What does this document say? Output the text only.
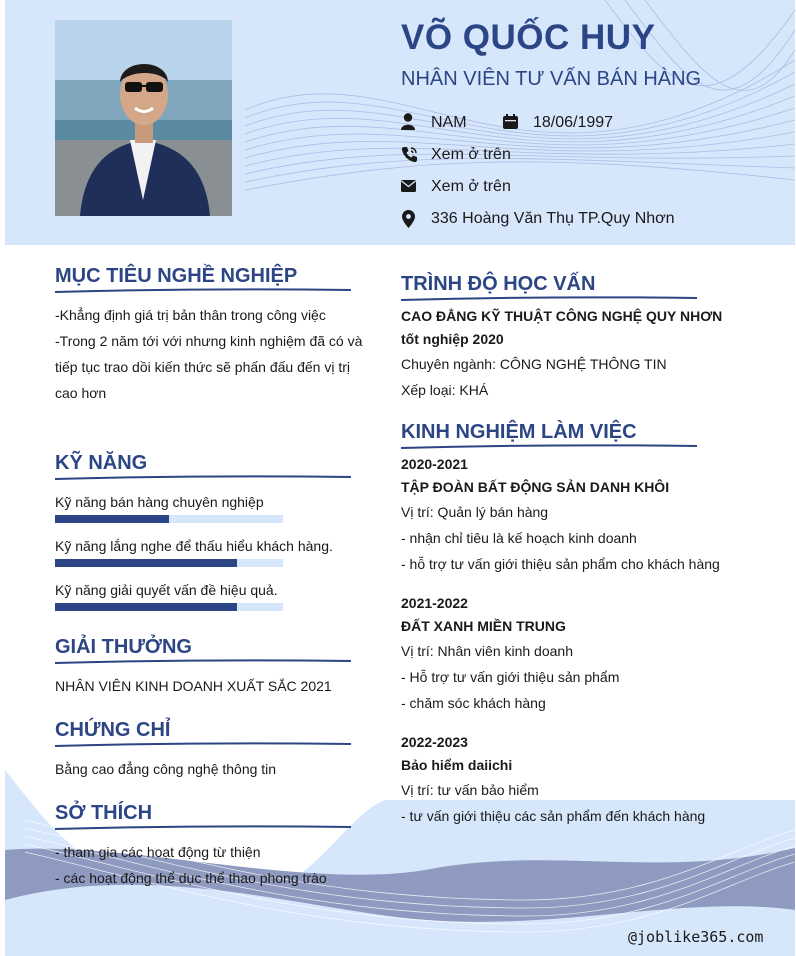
VÕ QUỐC HUY
NHÂN VIÊN TƯ VẤN BÁN HÀNG
NAM	18/06/1997
Xem ở trên
Xem ở trên
336 Hoàng Văn Thụ TP.Quy Nhơn
MỤC TIÊU NGHỀ NGHIỆP
-Khẳng định giá trị bản thân trong công việc
-Trong 2 năm tới với nhưng kinh nghiệm đã có và
tiếp tục trao dồi kiến thức sẽ phấn đấu đến vị trị
cao hơn
KỸ NĂNG
Kỹ năng bán hàng chuyên nghiệp
Kỹ năng lắng nghe để thấu hiểu khách hàng.
Kỹ năng giải quyết vấn đề hiệu quả.
GIẢI THƯỞNG
NHÂN VIÊN KINH DOANH XUẤT SẮC 2021
CHỨNG CHỈ
Bằng cao đẳng công nghệ thông tin
SỞ THÍCH
- tham gia các hoạt động từ thiện
- các hoạt động thể dục thể thao phong trào
TRÌNH ĐỘ HỌC VẤN
CAO ĐẲNG KỸ THUẬT CÔNG NGHỆ QUY NHƠN
tốt nghiệp 2020
Chuyên ngành: CÔNG NGHỆ THÔNG TIN
Xếp loại: KHÁ
KINH NGHIỆM LÀM VIỆC
2020-2021
TẬP ĐOÀN BẤT ĐỘNG SẢN DANH KHÔI
Vị trí: Quản lý bán hàng
- nhận chỉ tiêu là kế hoạch kinh doanh
- hỗ trợ tư vấn giới thiệu sản phẩm cho khách hàng
2021-2022
ĐẤT XANH MIỀN TRUNG
Vị trí: Nhân viên kinh doanh
- Hỗ trợ tư vấn giới thiệu sản phẩm
- chăm sóc khách hàng
2022-2023
Bảo hiểm daiichi
Vị trí: tư vấn bảo hiểm
- tư vấn giới thiệu các sản phẩm đến khách hàng
@joblike365.com
